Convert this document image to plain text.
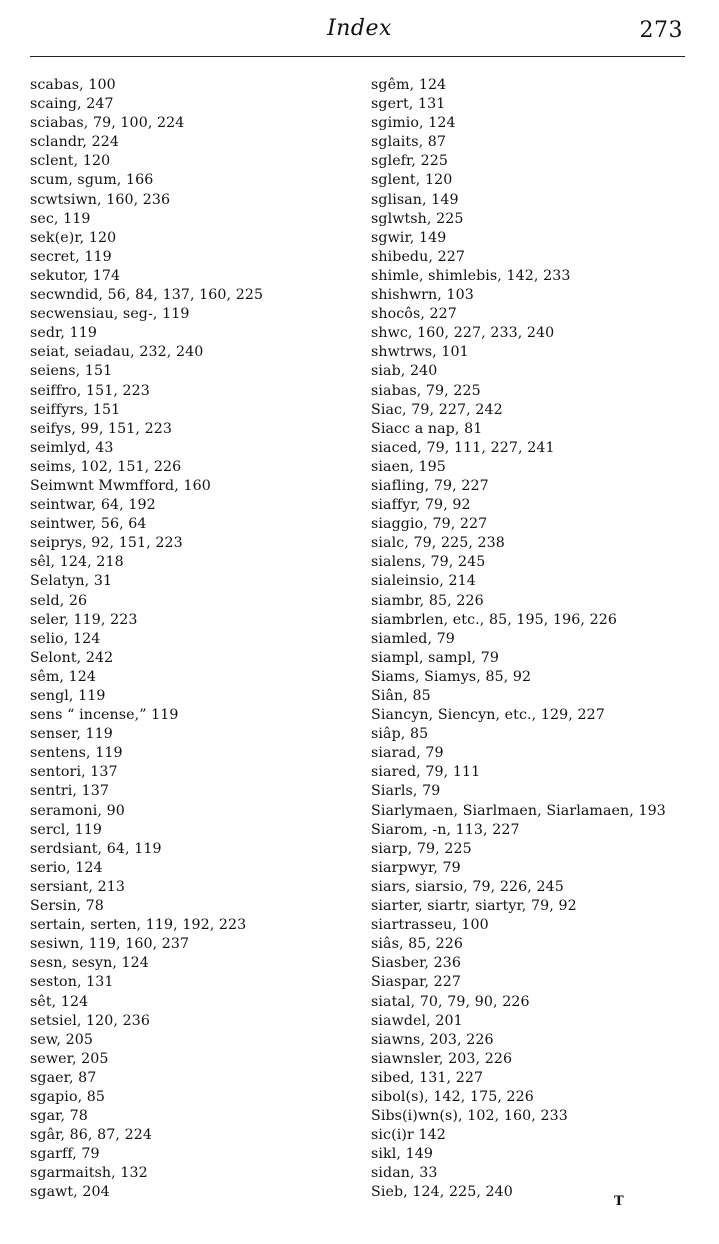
Index	273
scabas, 100
scaing, 247
sciabas, 79, 100, 224
sclandr, 224
sclent, 120
scum, sgum, 166
scwtsiwn, 160, 236
sec, 119
sek(e)r, 120
secret, 119
sekutor, 174
secwndid, 56, 84, 137, 160, 225
secwensiau, seg-, 119
sedr, 119
seiat, seiadau, 232, 240
seiens, 151
seiffro, 151, 223
seiffyrs, 151
seifys, 99, 151, 223
seimlyd, 43
seims, 102, 151, 226
Seimwnt Mwmfford, 160
seintwar, 64, 192
seintwer, 56, 64
seiprys, 92, 151, 223
sêl, 124, 218
Selatyn, 31
seld, 26
seler, 119, 223
selio, 124
Selont, 242
sêm, 124
sengl, 119
sens “ incense,” 119
senser, 119
sentens, 119
sentori, 137
sentri, 137
seramoni, 90
sercl, 119
serdsiant, 64, 119
serio, 124
sersiant, 213
Sersin, 78
sertain, serten, 119, 192, 223
sesiwn, 119, 160, 237
sesn, sesyn, 124
seston, 131
sêt, 124
setsiel, 120, 236
sew, 205
sewer, 205
sgaer, 87
sgapio, 85
sgar, 78
sgâr, 86, 87, 224
sgarff, 79
sgarmaitsh, 132
sgawt, 204
sgêm, 124
sgert, 131
sgimio, 124
sglaits, 87
sglefr, 225
sglent, 120
sglisan, 149
sglwtsh, 225
sgwir, 149
shibedu, 227
shimle, shimlebis, 142, 233
shishwrn, 103
shocôs, 227
shwc, 160, 227, 233, 240
shwtrws, 101
siab, 240
siabas, 79, 225
Siac, 79, 227, 242
Siacc a nap, 81
siaced, 79, 111, 227, 241
siaen, 195
siafling, 79, 227
siaffyr, 79, 92
siaggio, 79, 227
sialc, 79, 225, 238
sialens, 79, 245
sialeinsio, 214
siambr, 85, 226
siambrlen, etc., 85, 195, 196, 226
siamled, 79
siampl, sampl, 79
Siams, Siamys, 85, 92
Siân, 85
Siancyn, Siencyn, etc., 129, 227
siâp, 85
siarad, 79
siared, 79, 111
Siarls, 79
Siarlymaen, Siarlmaen, Siarlamaen, 193
Siarom, -n, 113, 227
siarp, 79, 225
siarpwyr, 79
siars, siarsio, 79, 226, 245
siarter, siartr, siartyr, 79, 92
siartrasseu, 100
siâs, 85, 226
Siasber, 236
Siaspar, 227
siatal, 70, 79, 90, 226
siawdel, 201
siawns, 203, 226
siawnsler, 203, 226
sibed, 131, 227
sibol(s), 142, 175, 226
Sibs(i)wn(s), 102, 160, 233
sic(i)r 142
sikl, 149
sidan, 33
Sieb, 124, 225, 240
T
